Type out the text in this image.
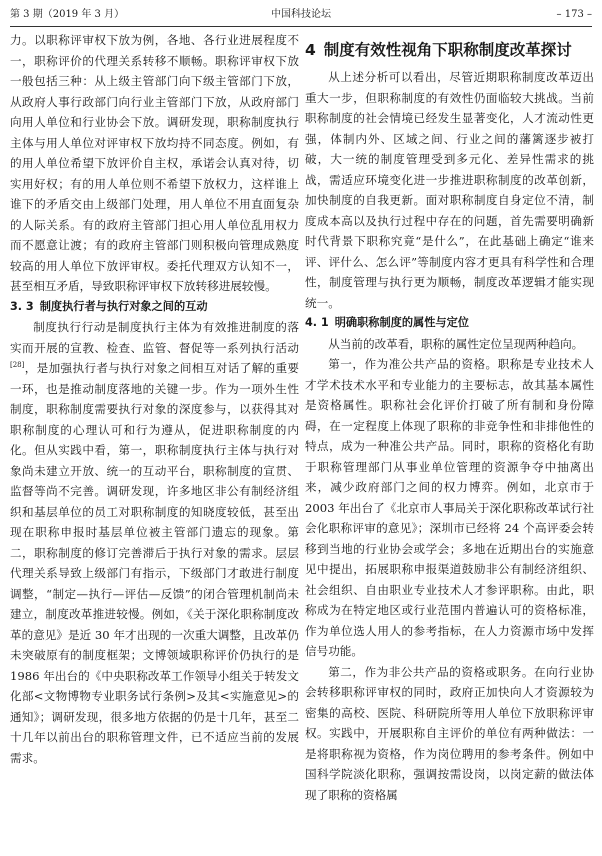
第 3 期（2019 年 3 月）	中国科技论坛	– 173 –

力。以职称评审权下放为例，各地、各行业进展程度不一，职称评价的代理关系转移不顺畅。职称评审权下放一般包括三种：从上级主管部门向下级主管部门下放，从政府人事行政部门向行业主管部门下放，从政府部门向用人单位和行业协会下放。调研发现，职称制度执行主体与用人单位对评审权下放均持不同态度。例如，有的用人单位希望下放评价自主权，承诺会认真对待，切实用好权；有的用人单位则不希望下放权力，这样谁上谁下的矛盾交由上级部门处理，用人单位不用直面复杂的人际关系。有的政府主管部门担心用人单位乱用权力而不愿意让渡；有的政府主管部门则积极向管理成熟度较高的用人单位下放评审权。委托代理双方认知不一，甚至相互矛盾，导致职称评审权下放转移进展较慢。

3. 3 制度执行者与执行对象之间的互动

制度执行行动是制度执行主体为有效推进制度的落实而开展的宣教、检查、监管、督促等一系列执行活动[28]，是加强执行者与执行对象之间相互对话了解的重要一环，也是推动制度落地的关键一步。作为一项外生性制度，职称制度需要执行对象的深度参与，以获得其对职称制度的心理认可和行为遵从，促进职称制度的内化。但从实践中看，第一，职称制度执行主体与执行对象尚未建立开放、统一的互动平台，职称制度的宣贯、监督等尚不完善。调研发现，许多地区非公有制经济组织和基层单位的员工对职称制度的知晓度较低，甚至出现在职称申报时基层单位被主管部门遗忘的现象。第二，职称制度的修订完善滞后于执行对象的需求。层层代理关系导致上级部门有指示，下级部门才敢进行制度调整，“制定—执行—评估—反馈”的闭合管理机制尚未建立，制度改革推进较慢。例如，《关于深化职称制度改革的意见》是近 30 年才出现的一次重大调整，且改革仍未突破原有的制度框架；文博领域职称评价仍执行的是 1986 年出台的《中央职称改革工作领导小组关于转发文化部<文物博物专业职务试行条例>及其<实施意见>的通知》；调研发现，很多地方依据的仍是十几年，甚至二十几年以前出台的职称管理文件，已不适应当前的发展需求。

4 制度有效性视角下职称制度改革探讨

从上述分析可以看出，尽管近期职称制度改革迈出重大一步，但职称制度的有效性仍面临较大挑战。当前职称制度的社会情境已经发生显著变化，人才流动性更强，体制内外、区域之间、行业之间的藩篱逐步被打破，大一统的制度管理受到多元化、差异性需求的挑战，需适应环境变化进一步推进职称制度的改革创新，加快制度的自我更新。面对职称制度自身定位不清，制度成本高以及执行过程中存在的问题，首先需要明确新时代背景下职称究竟“是什么”，在此基础上确定“谁来评、评什么、怎么评”等制度内容才更具有科学性和合理性，制度管理与执行更为顺畅，制度改革逻辑才能实现统一。

4. 1 明确职称制度的属性与定位

从当前的改革看，职称的属性定位呈现两种趋向。

第一，作为准公共产品的资格。职称是专业技术人才学术技术水平和专业能力的主要标志，故其基本属性是资格属性。职称社会化评价打破了所有制和身份障碍，在一定程度上体现了职称的非竞争性和非排他性的特点，成为一种准公共产品。同时，职称的资格化有助于职称管理部门从事业单位管理的资源争夺中抽离出来，减少政府部门之间的权力博弈。例如，北京市于 2003 年出台了《北京市人事局关于深化职称改革试行社会化职称评审的意见》；深圳市已经将 24 个高评委会转移到当地的行业协会或学会；多地在近期出台的实施意见中提出，拓展职称申报渠道鼓励非公有制经济组织、社会组织、自由职业专业技术人才参评职称。由此，职称成为在特定地区或行业范围内普遍认可的资格标准，作为单位选人用人的参考指标，在人力资源市场中发挥信号功能。

第二，作为非公共产品的资格或职务。在向行业协会转移职称评审权的同时，政府正加快向人才资源较为密集的高校、医院、科研院所等用人单位下放职称评审权。实践中，开展职称自主评价的单位有两种做法：一是将职称视为资格，作为岗位聘用的参考条件。例如中国科学院淡化职称，强调按需设岗，以岗定薪的做法体现了职称的资格属
